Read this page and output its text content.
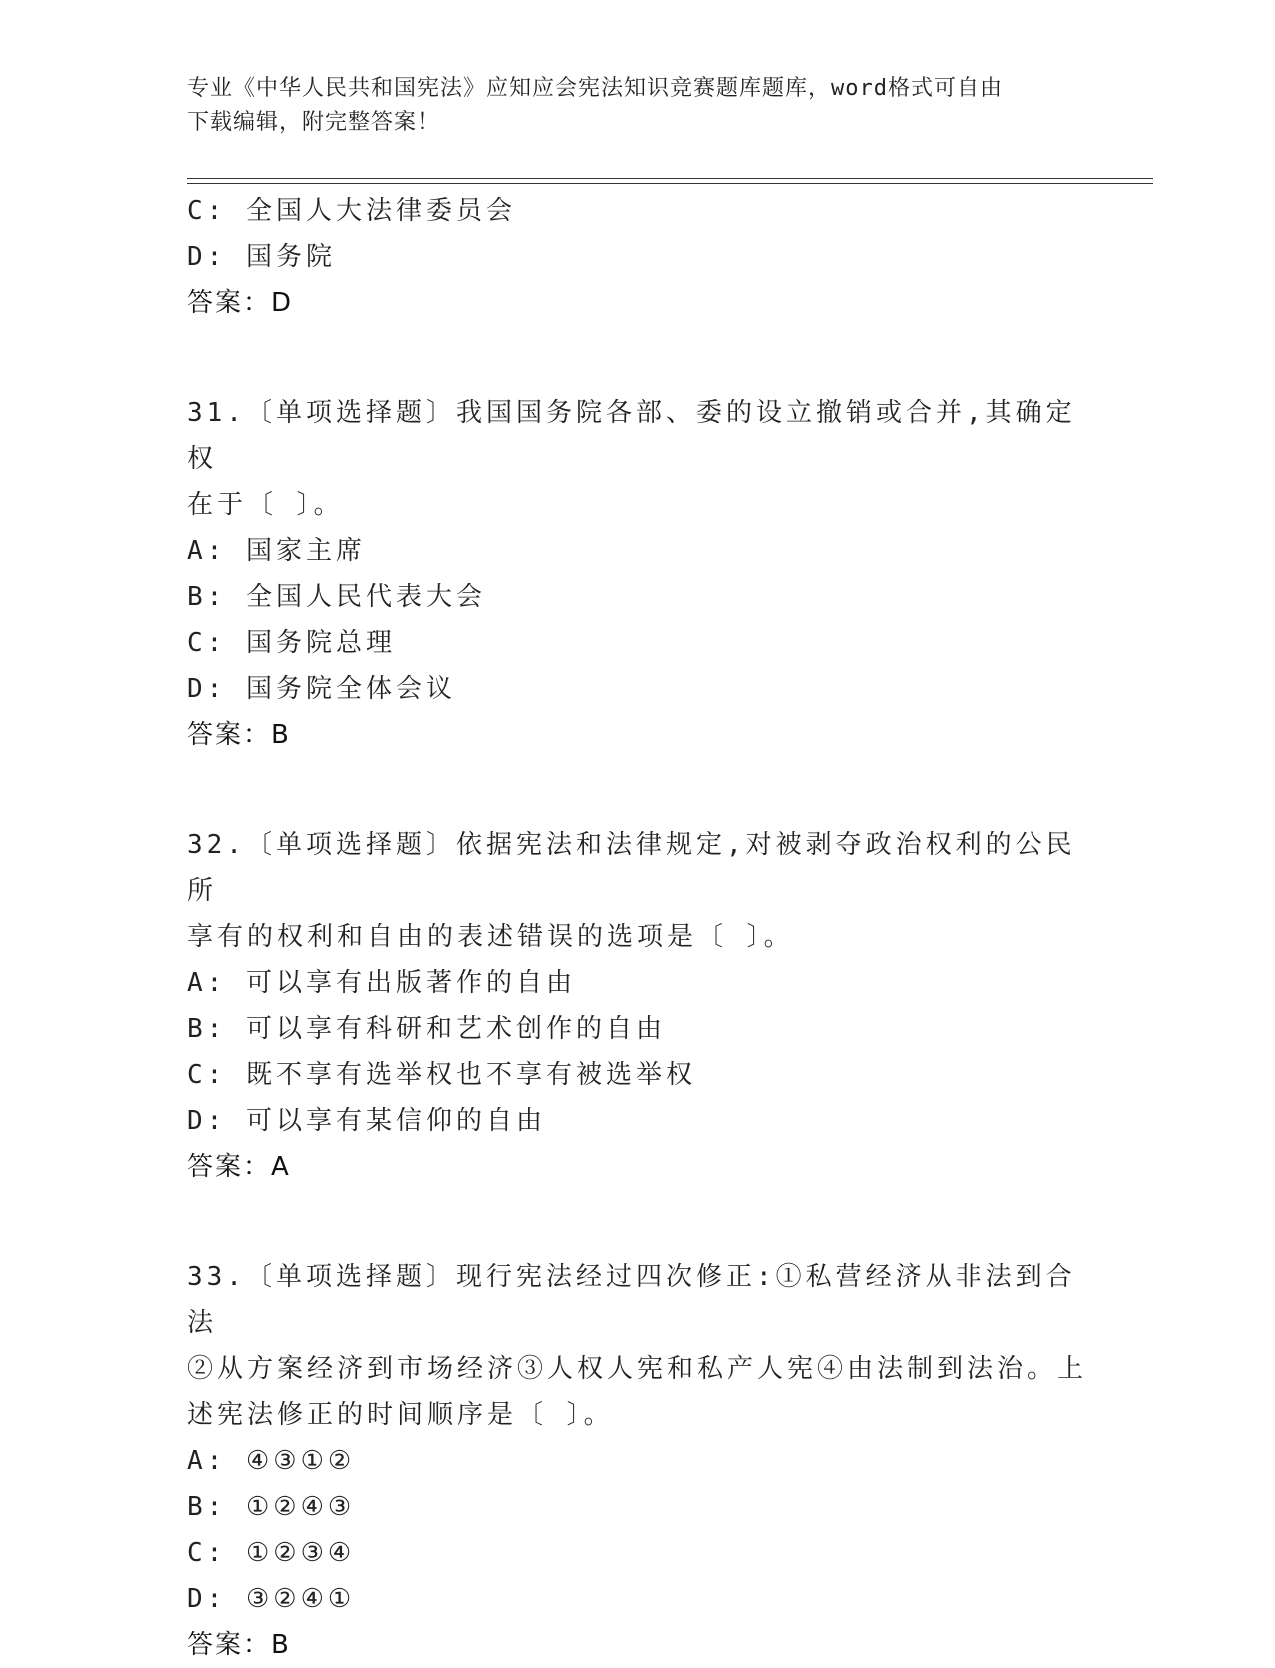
专业《中华人民共和国宪法》应知应会宪法知识竞赛题库题库，word格式可自由
下载编辑，附完整答案！
C: 全国人大法律委员会
D: 国务院
答案：D
31.〔单项选择题〕我国国务院各部、委的设立撤销或合并,其确定权
在于〔 〕。
A: 国家主席
B: 全国人民代表大会
C: 国务院总理
D: 国务院全体会议
答案：B
32.〔单项选择题〕依据宪法和法律规定,对被剥夺政治权利的公民所
享有的权利和自由的表述错误的选项是〔 〕。
A: 可以享有出版著作的自由
B: 可以享有科研和艺术创作的自由
C: 既不享有选举权也不享有被选举权
D: 可以享有某信仰的自由
答案：A
33.〔单项选择题〕现行宪法经过四次修正:①私营经济从非法到合法
②从方案经济到市场经济③人权人宪和私产人宪④由法制到法治。上
述宪法修正的时间顺序是〔 〕。
A: ④③①②
B: ①②④③
C: ①②③④
D: ③②④①
答案：B
